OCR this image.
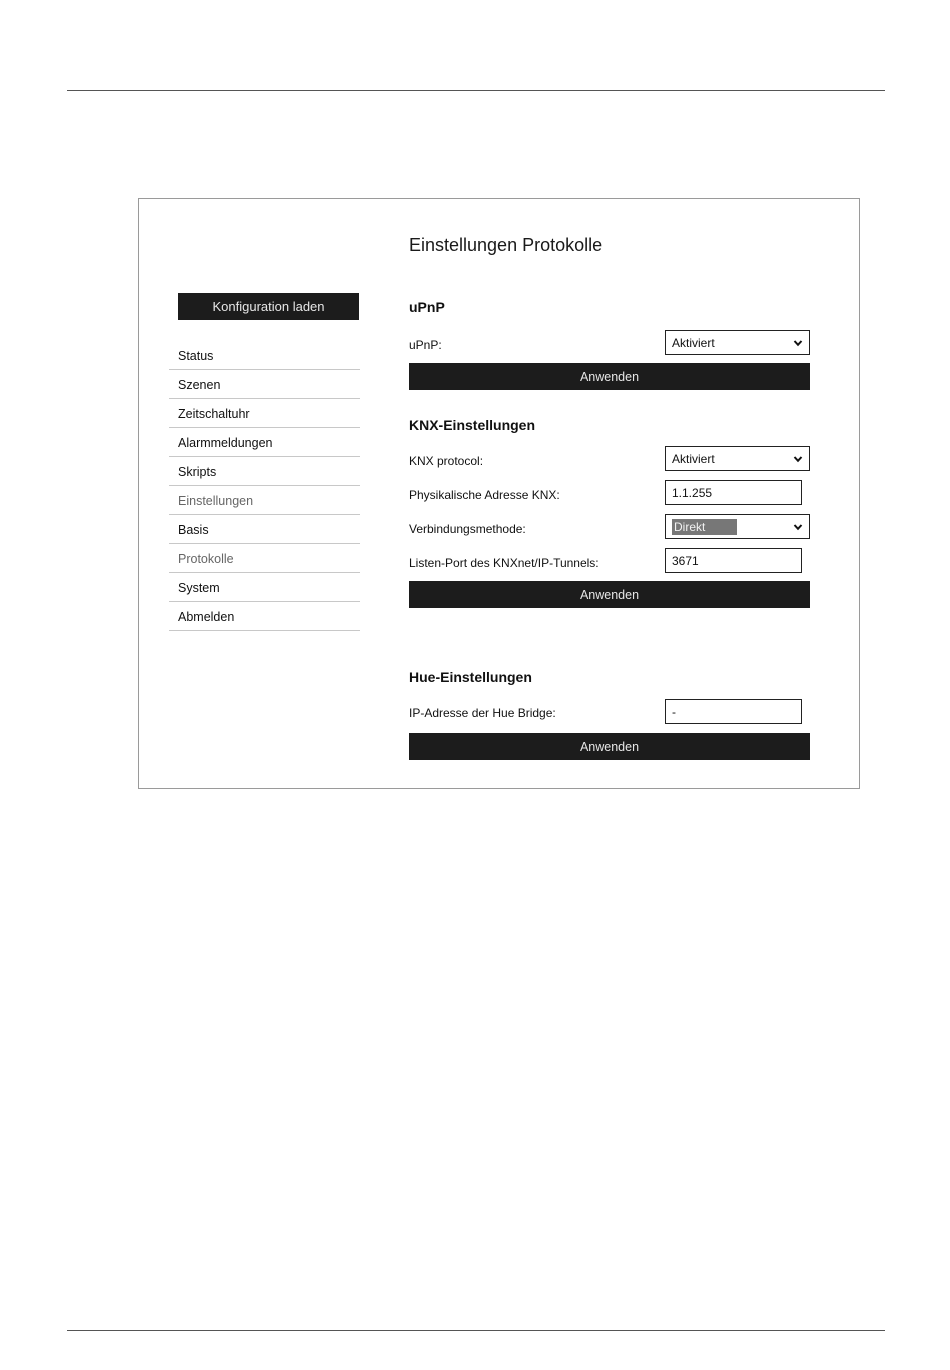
Konfiguration laden
Status
Szenen
Zeitschaltuhr
Alarmmeldungen
Skripts
Einstellungen
Basis
Protokolle
System
Abmelden
Einstellungen Protokolle
uPnP
uPnP:	Aktiviert
Anwenden
KNX-Einstellungen
KNX protocol:	Aktiviert
Physikalische Adresse KNX:	1.1.255
Verbindungsmethode:	Direkt
Listen-Port des KNXnet/IP-Tunnels:	3671
Anwenden
Hue-Einstellungen
IP-Adresse der Hue Bridge:	-
Anwenden
